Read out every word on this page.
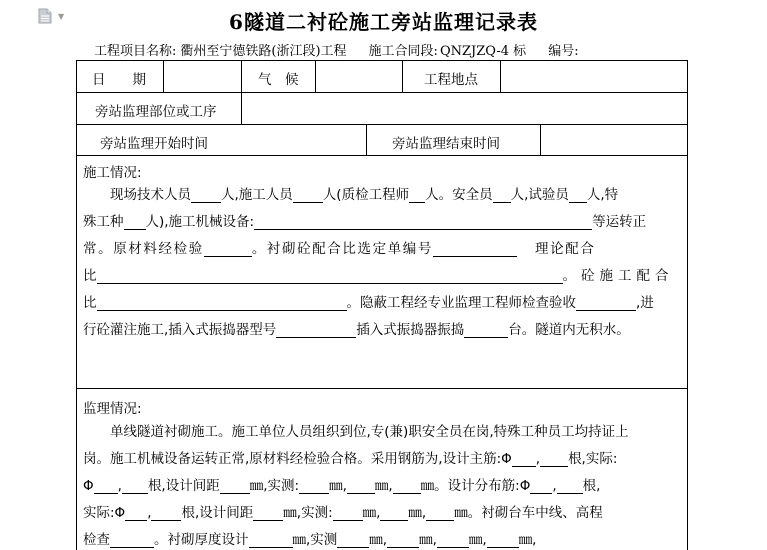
▼	6隧道二衬砼施工旁站监理记录表
工程项目名称: 衢州至宁德铁路(浙江段)工程 施工合同段: QNZJZQ-4 标 编号:
日　　期	气　候	工程地点
旁站监理部位或工序
旁站监理开始时间	旁站监理结束时间
施工情况:
现场技术人员 人,施工人员 人(质检工程师 人。安全员 人,试验员 人,特
殊工种 人),施工机械设备:	等运转正
常。原材料经检验	。衬砌砼配合比选定单编号	理论配合
比	。砼施工配合
比	。隐蔽工程经专业监理工程师检查验收	,进
行砼灌注施工,插入式振捣器型号	插入式振捣器振捣	台。隧道内无积水。
监理情况:
单线隧道衬砌施工。施工单位人员组织到位,专(兼)职安全员在岗,特殊工种员工均持证上
岗。施工机械设备运转正常,原材料经检验合格。采用钢筋为,设计主筋:Φ , 根,实际:
Φ , 根,设计间距 ㎜,实测: ㎜, ㎜, ㎜。设计分布筋:Φ , 根,
实际:Φ , 根,设计间距 ㎜,实测: ㎜, ㎜, ㎜。衬砌台车中线、高程
检查	。衬砌厚度设计	㎜,实测 ㎜, ㎜, ㎜, ㎜,
